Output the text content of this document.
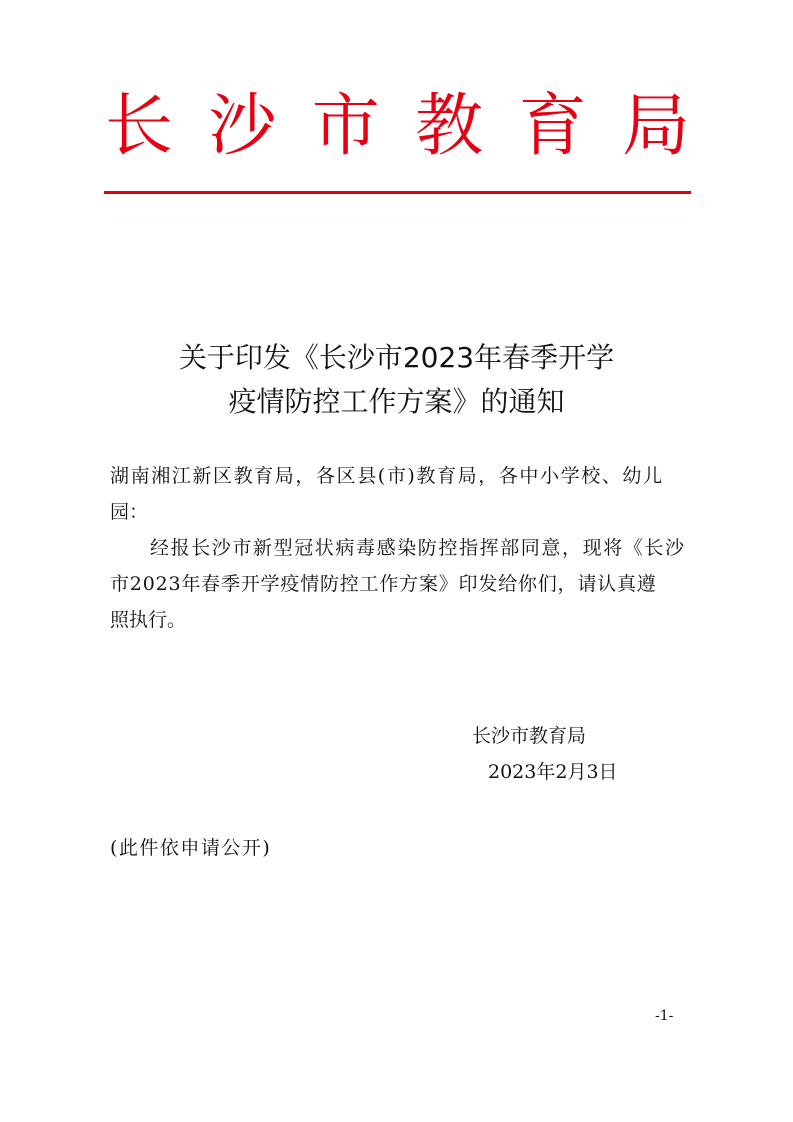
长 沙 市 教 育 局
关于印发《长沙市2023年春季开学
疫情防控工作方案》的通知
湖南湘江新区教育局，各区县(市)教育局，各中小学校、幼儿
园：
经报长沙市新型冠状病毒感染防控指挥部同意，现将《长沙
市2023年春季开学疫情防控工作方案》印发给你们，请认真遵
照执行。
长沙市教育局
2023年2月3日
(此件依申请公开)
-1-
